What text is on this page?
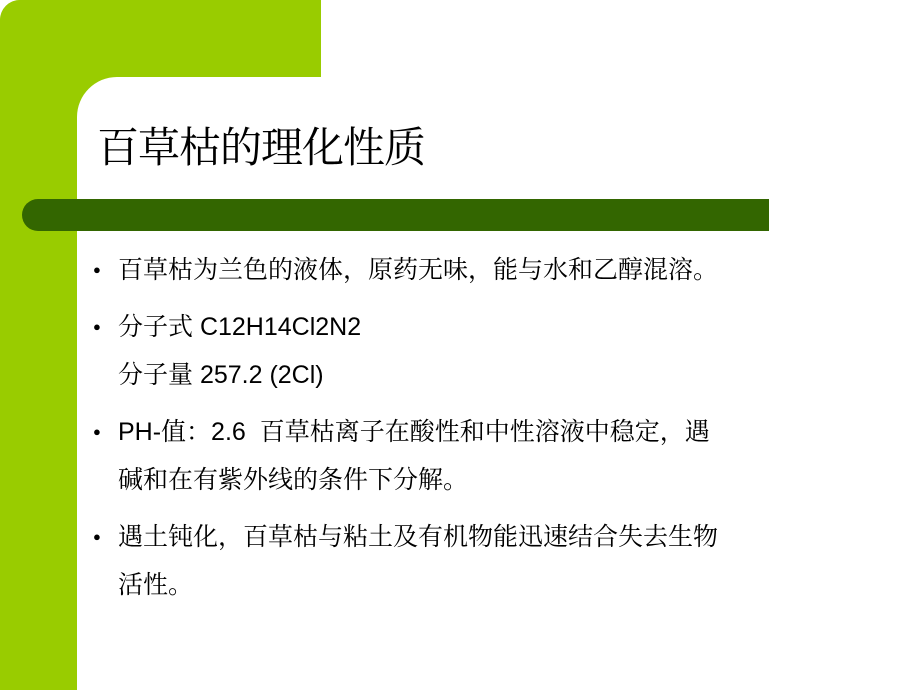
百草枯的理化性质
● 百草枯为兰色的液体，原药无味，能与水和乙醇混溶。
● 分子式 C12H14Cl2N2
分子量 257.2 (2Cl)
● PH-值：2.6  百草枯离子在酸性和中性溶液中稳定，遇
碱和在有紫外线的条件下分解。
● 遇土钝化，百草枯与粘土及有机物能迅速结合失去生物
活性。
